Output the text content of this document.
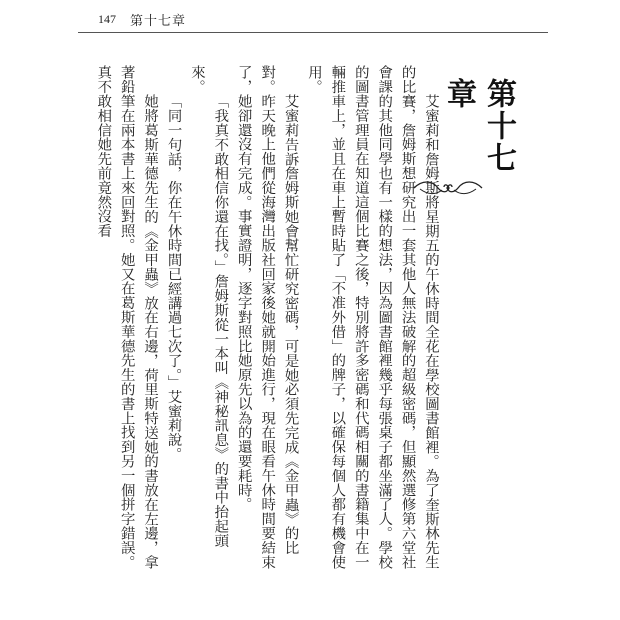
147 第十七章
第十七章

艾蜜莉和詹姆斯將星期五的午休時間全花在學校圖書館裡。為了奎斯林先生的比賽，詹姆斯想研究出一套其他人無法破解的超級密碼，但顯然選修第六堂社會課的其他同學也有一樣的想法，因為圖書館裡幾乎每張桌子都坐滿了人。學校的圖書管理員在知道這個比賽之後，特別將許多密碼和代碼相關的書籍集中在一輛推車上，並且在車上暫時貼了「不准外借」的牌子，以確保每個人都有機會使用。

艾蜜莉告訴詹姆斯她會幫忙研究密碼，可是她必須先完成《金甲蟲》的比對。昨天晚上他們從海灣出版社回家後她就開始進行，現在眼看午休時間要結束了，她卻還沒有完成。事實證明，逐字對照比她原先以為的還要耗時。

「我真不敢相信你還在找。」詹姆斯從一本叫《神秘訊息》的書中抬起頭來。

「同一句話，你在午休時間已經講過七次了。」艾蜜莉說。

她將葛斯華德先生的《金甲蟲》放在右邊，荷里斯特送她的書放在左邊，拿著鉛筆在兩本書上來回對照。她又在葛斯華德先生的書上找到另一個拼字錯誤。真不敢相信她先前竟然沒看
